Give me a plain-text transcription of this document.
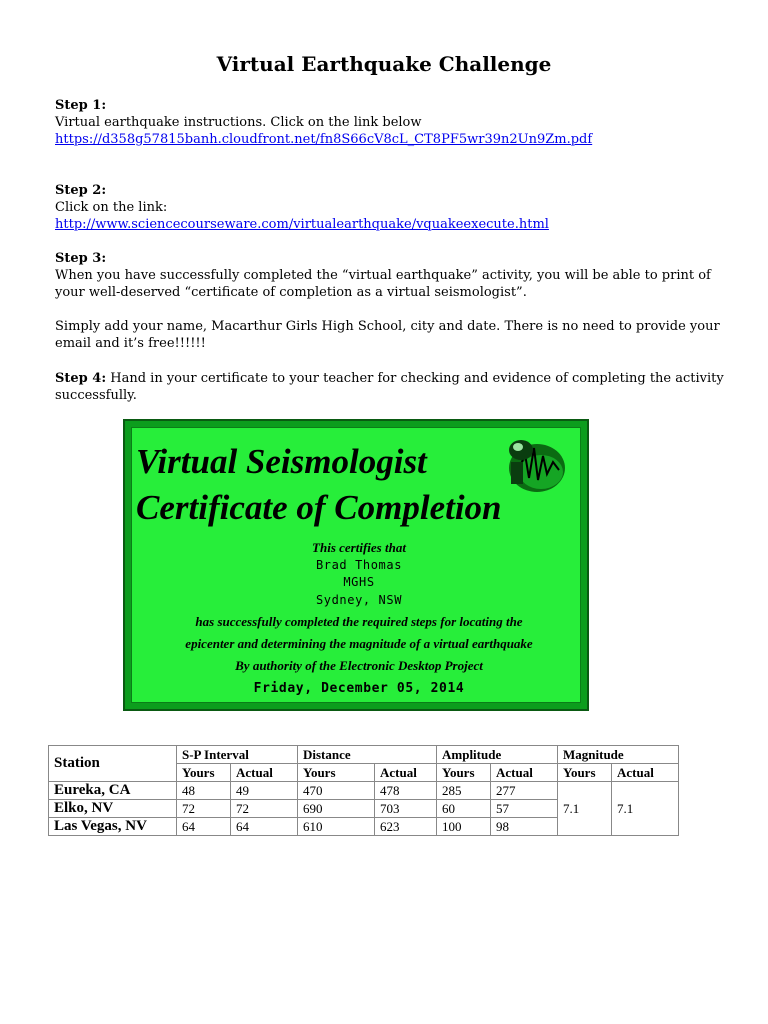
Virtual Earthquake Challenge

Step 1:

Virtual earthquake instructions. Click on the link below

https://d358g57815banh.cloudfront.net/fn8S66cV8cL_CT8PF5wr39n2Un9Zm.pdf

Step 2:

Click on the link:

http://www.sciencecourseware.com/virtualearthquake/vquakeexecute.html

Step 3:

When you have successfully completed the “virtual earthquake” activity, you will be able to print of your well-deserved “certificate of completion as a virtual seismologist”.

Simply add your name, Macarthur Girls High School, city and date. There is no need to provide your email and it’s free!!!!!!

Step 4: Hand in your certificate to your teacher for checking and evidence of completing the activity successfully.

Virtual Seismologist
Certificate of Completion
This certifies that
Brad Thomas
MGHS
Sydney, NSW
has successfully completed the required steps for locating the
epicenter and determining the magnitude of a virtual earthquake
By authority of the Electronic Desktop Project
Friday, December 05, 2014
Station	S-P Interval		Distance		Amplitude		Magnitude	
	Yours	Actual	Yours	Actual	Yours	Actual	Yours	Actual
Eureka, CA	48	49	470	478	285	277	7.1	7.1
Elko, NV	72	72	690	703	60	57		
Las Vegas, NV	64	64	610	623	100	98		
